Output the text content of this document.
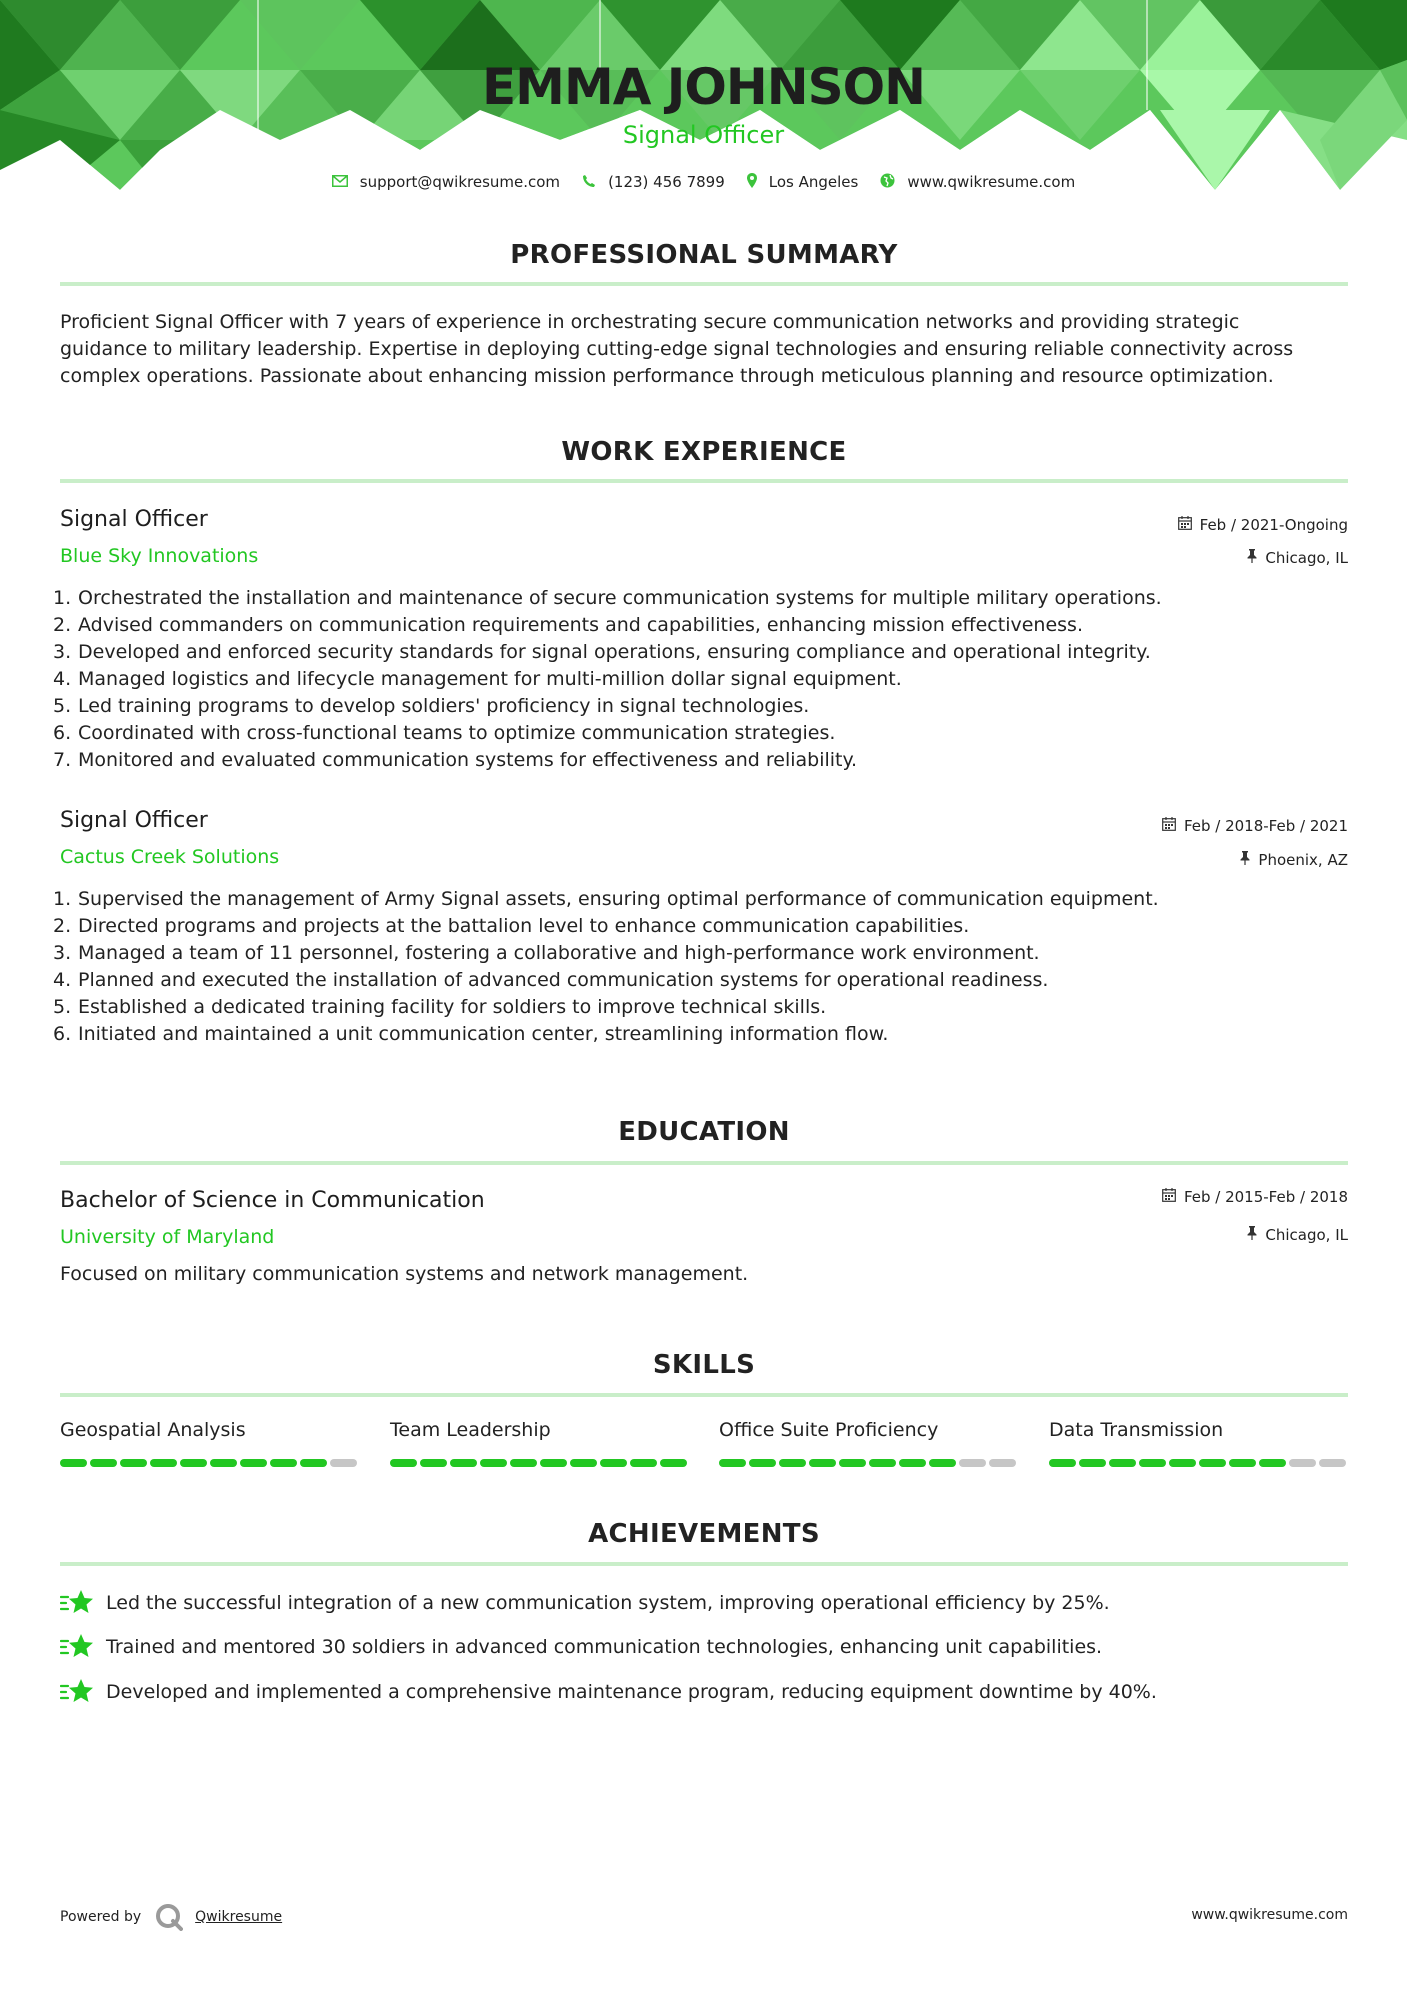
EMMA JOHNSON
Signal Officer
support@qwikresume.com	(123) 456 7899	Los Angeles	www.qwikresume.com
PROFESSIONAL SUMMARY
Proficient Signal Officer with 7 years of experience in orchestrating secure communication networks and providing strategic
guidance to military leadership. Expertise in deploying cutting-edge signal technologies and ensuring reliable connectivity across
complex operations. Passionate about enhancing mission performance through meticulous planning and resource optimization.
WORK EXPERIENCE
Signal Officer	Feb / 2021-Ongoing
Blue Sky Innovations	Chicago, IL
1. Orchestrated the installation and maintenance of secure communication systems for multiple military operations.
2. Advised commanders on communication requirements and capabilities, enhancing mission effectiveness.
3. Developed and enforced security standards for signal operations, ensuring compliance and operational integrity.
4. Managed logistics and lifecycle management for multi-million dollar signal equipment.
5. Led training programs to develop soldiers' proficiency in signal technologies.
6. Coordinated with cross-functional teams to optimize communication strategies.
7. Monitored and evaluated communication systems for effectiveness and reliability.
Signal Officer	Feb / 2018-Feb / 2021
Cactus Creek Solutions	Phoenix, AZ
1. Supervised the management of Army Signal assets, ensuring optimal performance of communication equipment.
2. Directed programs and projects at the battalion level to enhance communication capabilities.
3. Managed a team of 11 personnel, fostering a collaborative and high-performance work environment.
4. Planned and executed the installation of advanced communication systems for operational readiness.
5. Established a dedicated training facility for soldiers to improve technical skills.
6. Initiated and maintained a unit communication center, streamlining information flow.
EDUCATION
Bachelor of Science in Communication	Feb / 2015-Feb / 2018
University of Maryland	Chicago, IL
Focused on military communication systems and network management.
SKILLS
Geospatial Analysis	Team Leadership	Office Suite Proficiency	Data Transmission
ACHIEVEMENTS
Led the successful integration of a new communication system, improving operational efficiency by 25%.
Trained and mentored 30 soldiers in advanced communication technologies, enhancing unit capabilities.
Developed and implemented a comprehensive maintenance program, reducing equipment downtime by 40%.
Powered by	Qwikresume	www.qwikresume.com
